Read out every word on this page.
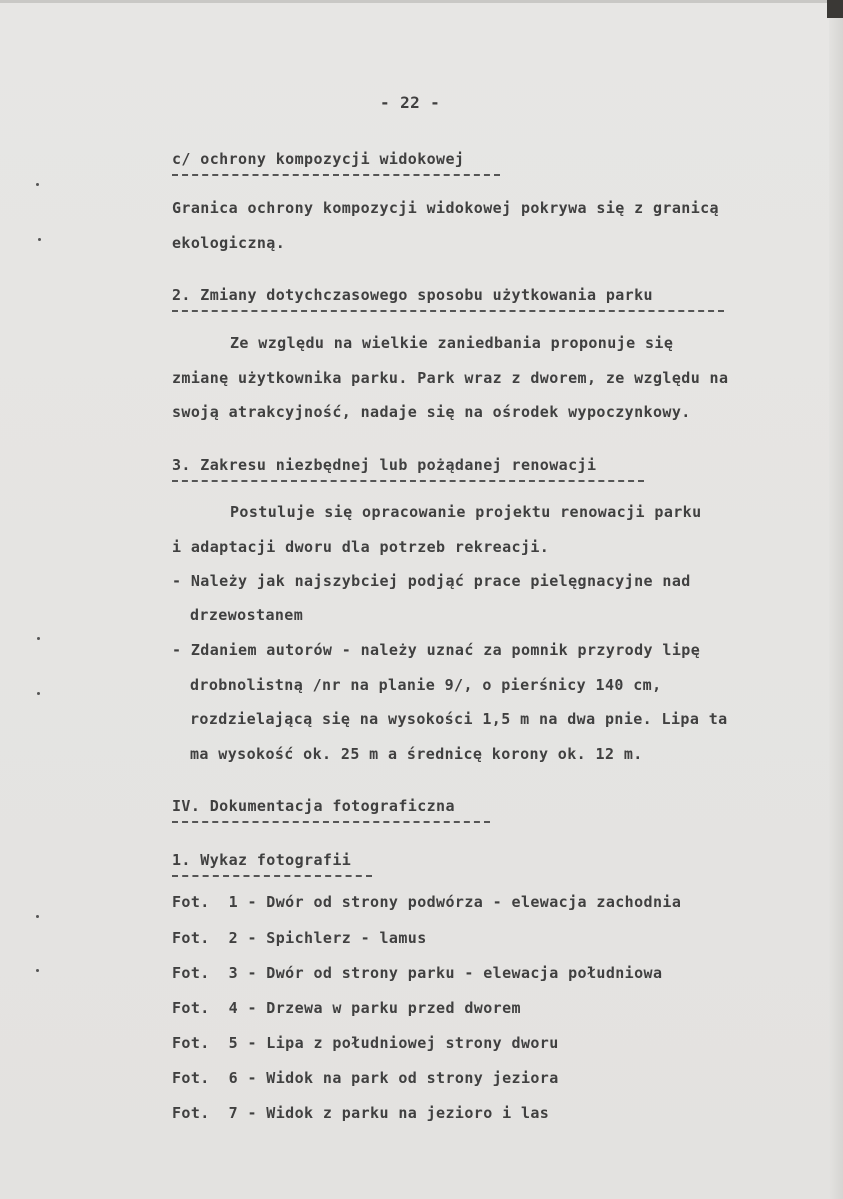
- 22 -
c/ ochrony kompozycji widokowej
Granica ochrony kompozycji widokowej pokrywa się z granicą
ekologiczną.
2. Zmiany dotychczasowego sposobu użytkowania parku
Ze względu na wielkie zaniedbania proponuje się
zmianę użytkownika parku. Park wraz z dworem, ze względu na
swoją atrakcyjność, nadaje się na ośrodek wypoczynkowy.
3. Zakresu niezbędnej lub pożądanej renowacji
Postuluje się opracowanie projektu renowacji parku
i adaptacji dworu dla potrzeb rekreacji.
- Należy jak najszybciej podjąć prace pielęgnacyjne nad
drzewostanem
- Zdaniem autorów - należy uznać za pomnik przyrody lipę
drobnolistną /nr na planie 9/, o pierśnicy 140 cm,
rozdzielającą się na wysokości 1,5 m na dwa pnie. Lipa ta
ma wysokość ok. 25 m a średnicę korony ok. 12 m.
IV. Dokumentacja fotograficzna
1. Wykaz fotografii
Fot.  1 - Dwór od strony podwórza - elewacja zachodnia
Fot.  2 - Spichlerz - lamus
Fot.  3 - Dwór od strony parku - elewacja południowa
Fot.  4 - Drzewa w parku przed dworem
Fot.  5 - Lipa z południowej strony dworu
Fot.  6 - Widok na park od strony jeziora
Fot.  7 - Widok z parku na jezioro i las
